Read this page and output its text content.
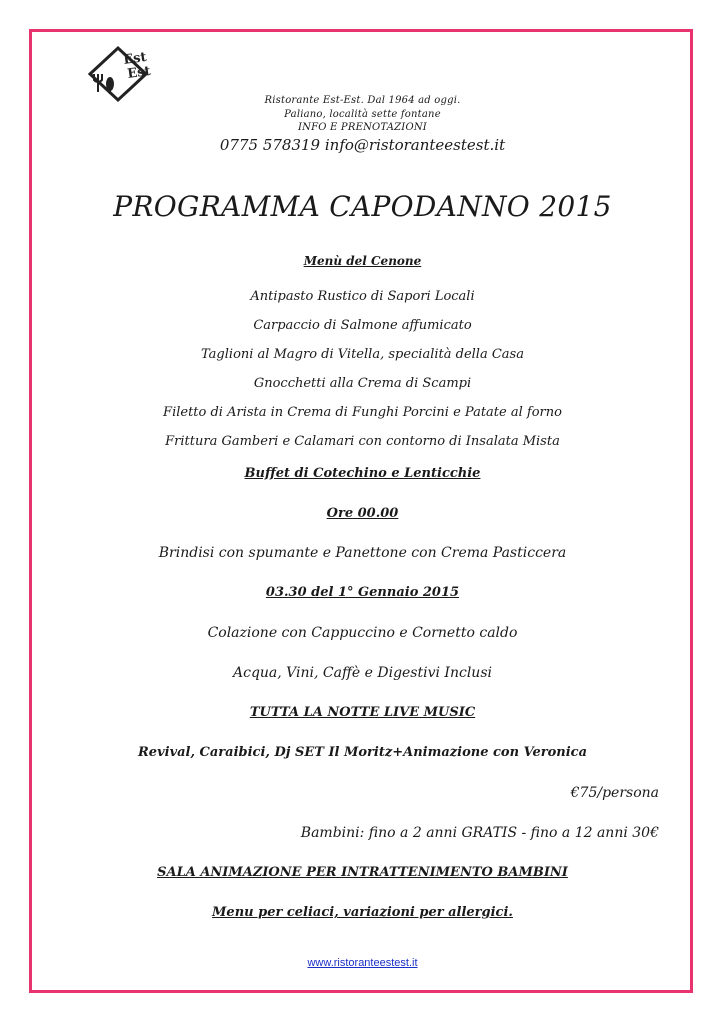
Est
Est
Ristorante Est-Est. Dal 1964 ad oggi.
Paliano, località sette fontane
INFO E PRENOTAZIONI
0775 578319 info@ristoranteestest.it
PROGRAMMA CAPODANNO 2015
Menù del Cenone
Antipasto Rustico di Sapori Locali
Carpaccio di Salmone affumicato
Taglioni al Magro di Vitella, specialità della Casa
Gnocchetti alla Crema di Scampi
Filetto di Arista in Crema di Funghi Porcini e Patate al forno
Frittura Gamberi e Calamari con contorno di Insalata Mista
Buffet di Cotechino e Lenticchie
Ore 00.00
Brindisi con spumante e Panettone con Crema Pasticcera
03.30 del 1° Gennaio 2015
Colazione con Cappuccino e Cornetto caldo
Acqua, Vini, Caffè e Digestivi Inclusi
TUTTA LA NOTTE LIVE MUSIC
Revival, Caraibici, Dj SET Il Moritz+Animazione con Veronica
€75/persona
Bambini: fino a 2 anni GRATIS - fino a 12 anni 30€
SALA ANIMAZIONE PER INTRATTENIMENTO BAMBINI
Menu per celiaci, variazioni per allergici.
www.ristoranteestest.it
